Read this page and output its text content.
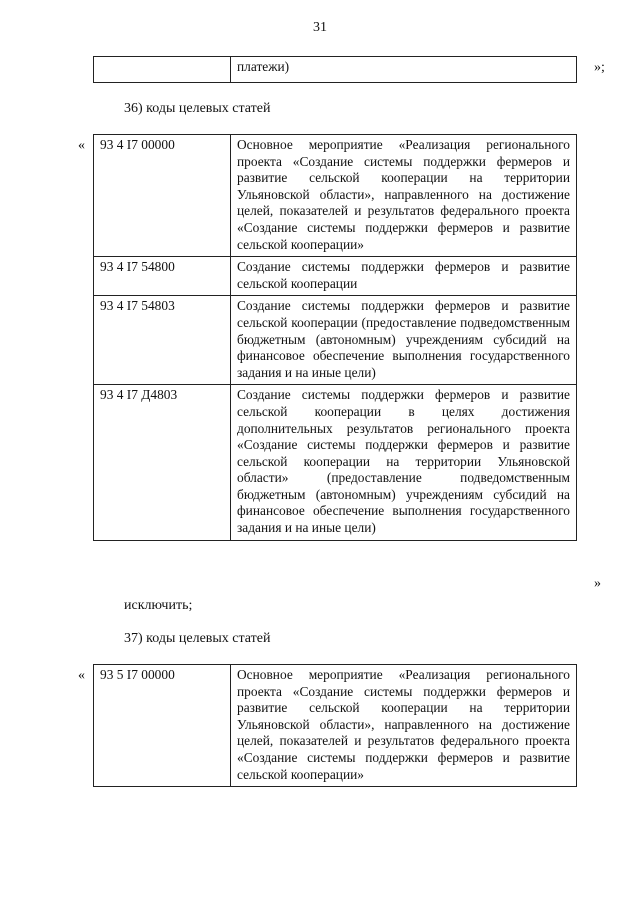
31
	платежи)	»;
36) коды целевых статей
« 93 4 I7 00000	Основное мероприятие «Реализация регионального проекта «Создание системы поддержки фермеров и развитие сельской кооперации на территории Ульяновской области», направленного на достижение целей, показателей и результатов федерального проекта «Создание системы поддержки фермеров и развитие сельской кооперации»
93 4 I7 54800	Создание системы поддержки фермеров и развитие сельской кооперации
93 4 I7 54803	Создание системы поддержки фермеров и развитие сельской кооперации (предоставление подведомственным бюджетным (автономным) учреждениям субсидий на финансовое обеспечение выполнения государственного задания и на иные цели)
93 4 I7 Д4803	Создание системы поддержки фермеров и развитие сельской кооперации в целях достижения дополнительных результатов регионального проекта «Создание системы поддержки фермеров и развитие сельской кооперации на территории Ульяновской области» (предоставление подведомственным бюджетным (автономным) учреждениям субсидий на финансовое обеспечение выполнения государственного задания и на иные цели)
»
исключить;
37) коды целевых статей
« 93 5 I7 00000	Основное мероприятие «Реализация регионального проекта «Создание системы поддержки фермеров и развитие сельской кооперации на территории Ульяновской области», направленного на достижение целей, показателей и результатов федерального проекта «Создание системы поддержки фермеров и развитие сельской кооперации»
